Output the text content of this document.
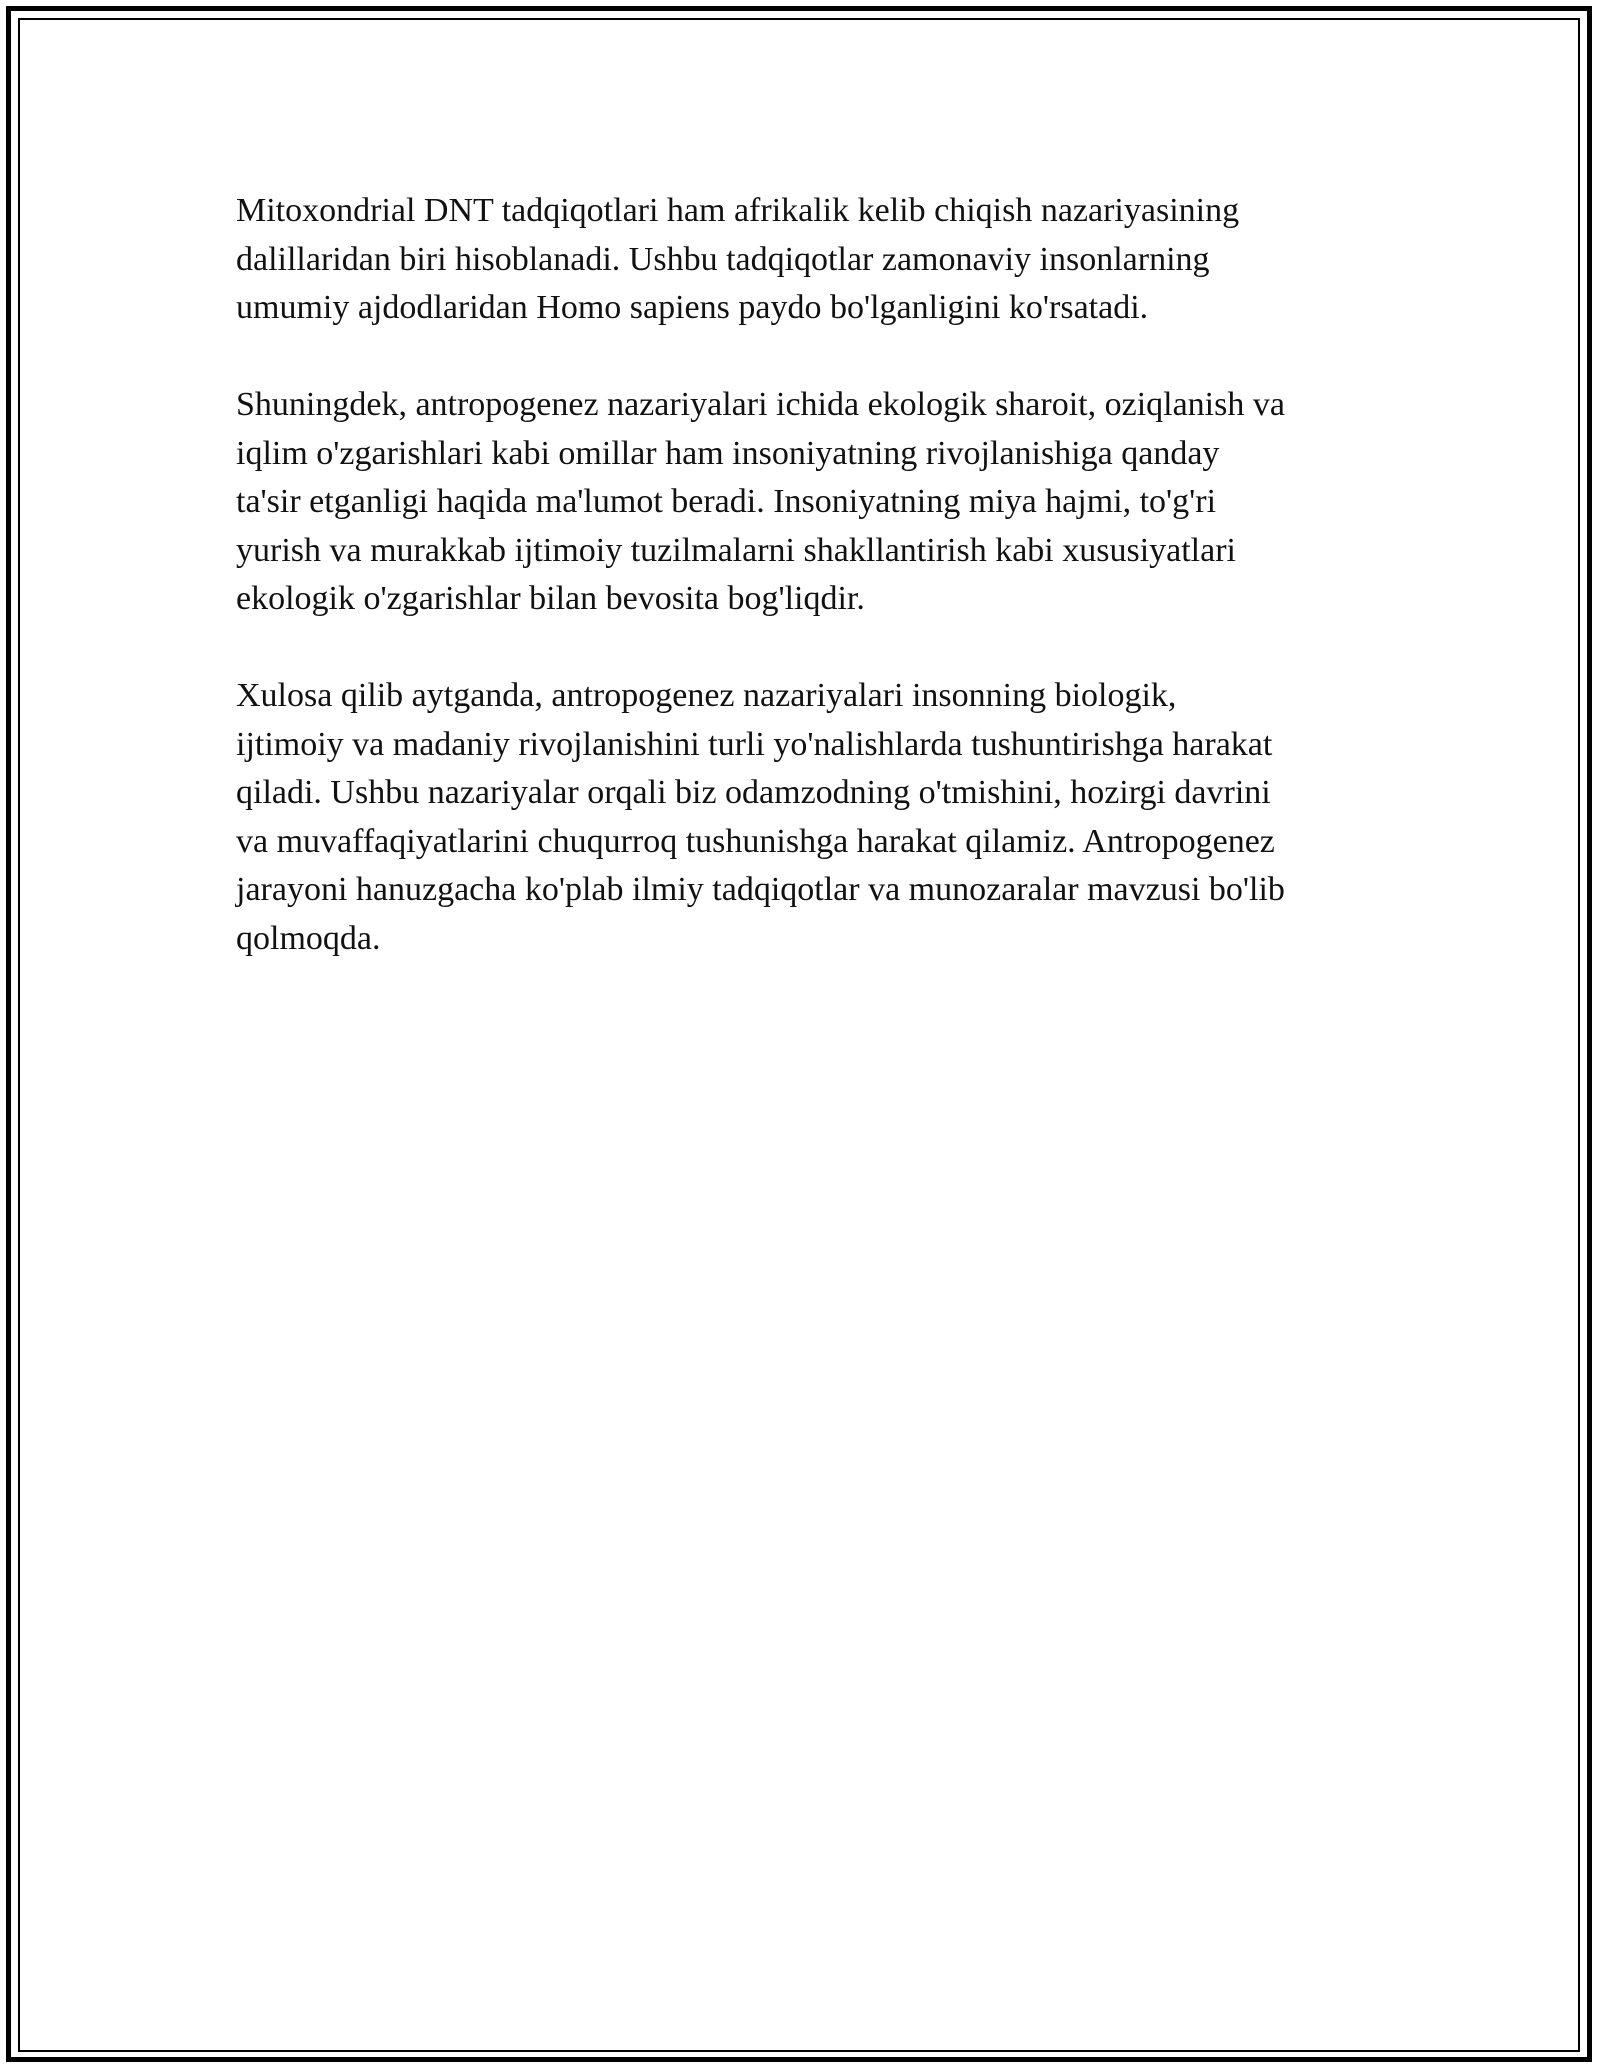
Mitoxondrial DNT tadqiqotlari ham afrikalik kelib chiqish nazariyasining
dalillaridan biri hisoblanadi. Ushbu tadqiqotlar zamonaviy insonlarning
umumiy ajdodlaridan Homo sapiens paydo bo'lganligini ko'rsatadi.

Shuningdek, antropogenez nazariyalari ichida ekologik sharoit, oziqlanish va
iqlim o'zgarishlari kabi omillar ham insoniyatning rivojlanishiga qanday
ta'sir etganligi haqida ma'lumot beradi. Insoniyatning miya hajmi, to'g'ri
yurish va murakkab ijtimoiy tuzilmalarni shakllantirish kabi xususiyatlari
ekologik o'zgarishlar bilan bevosita bog'liqdir.

Xulosa qilib aytganda, antropogenez nazariyalari insonning biologik,
ijtimoiy va madaniy rivojlanishini turli yo'nalishlarda tushuntirishga harakat
qiladi. Ushbu nazariyalar orqali biz odamzodning o'tmishini, hozirgi davrini
va muvaffaqiyatlarini chuqurroq tushunishga harakat qilamiz. Antropogenez
jarayoni hanuzgacha ko'plab ilmiy tadqiqotlar va munozaralar mavzusi bo'lib
qolmoqda.
